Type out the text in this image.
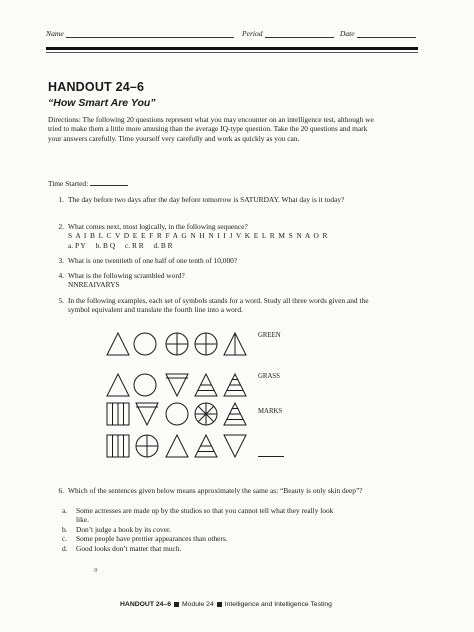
Name	Period	Date
HANDOUT 24–6
“How Smart Are You”
Directions: The following 20 questions represent what you may encounter on an intelligence test, although we tried to make them a little more amusing than the average IQ-type question. Take the 20 questions and mark your answers carefully. Time yourself very carefully and work as quickly as you can.
Time Started:
1. The day before two days after the day before tomorrow is SATURDAY. What day is it today?
2. What comes next, most logically, in the following sequence?
S A I B L C V D E E F R F A G N H N I I J V K E L R M S N A O R
a. P Y b. B Q c. R R d. B R
3. What is one twentieth of one half of one tenth of 10,000?
4. What is the following scrambled word?
NNREAIVARYS
5. In the following examples, each set of symbols stands for a word. Study all three words given and the symbol equivalent and translate the fourth line into a word.
GREEN
GRASS
MARKS
6. Which of the sentences given below means approximately the same as: “Beauty is only skin deep”?
a. Some actresses are made up by the studios so that you cannot tell what they really look like.
b. Don’t judge a book by its cover.
c. Some people have prettier appearances than others.
d. Good looks don’t matter that much.
9
HANDOUT 24–6 Module 24 Intelligence and Intelligence Testing
